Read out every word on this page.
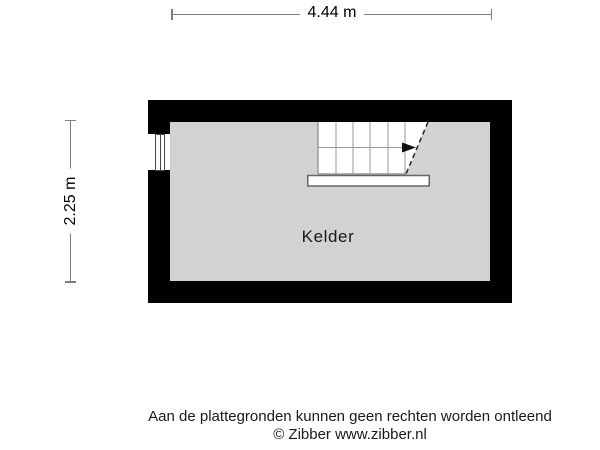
4.44 m
2.25 m
Kelder
Aan de plattegronden kunnen geen rechten worden ontleend
© Zibber www.zibber.nl
